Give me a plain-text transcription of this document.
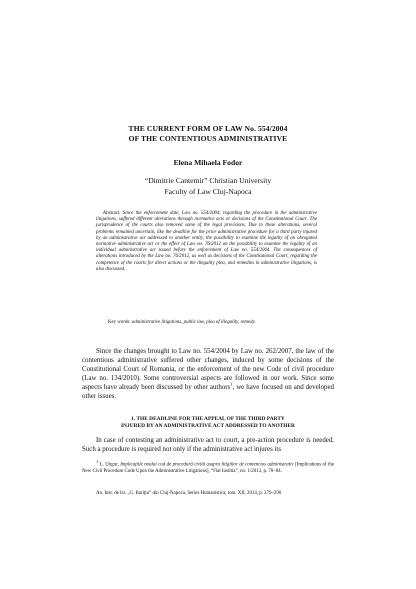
THE CURRENT FORM OF LAW No. 554/2004
OF THE CONTENTIOUS ADMINISTRATIVE
Elena Mihaela Fodor
“Dimitrie Cantemir” Christian University
Faculty of Law Cluj-Napoca
Abstract. Since the enforcement date, Law no. 554/2004, regarding the procedure in the administrative litigations, suffered different alterations through normative acts or decisions of the Constitutional Court. The jurisprudence of the courts also removed some of the legal provisions. Due to these alterations, several problems remained uncertain, like the deadline for the prior administrative procedure for a third party injured by an administrative act addressed to another entity, the possibility to examine the legality of an abrogated normative administrative act or the effect of Law no. 76/2012 on the possibility to examine the legality of an individual administrative act issued before the enforcement of Law no. 554/2004. The consequences of alterations introduced by the Law no. 76/2012, as well as decisions of the Constitutional Court, regarding the competence of the courts for direct actions or the illegality plea, and remedies in administrative litigations, is also discussed.
Key words: administrative litigations, public law, plea of illegality, remedy.
Since the changes brought to Law no. 554/2004 by Law no. 262/2007, the law of the contentious administrative suffered other changes, induced by some decisions of the Constitutional Court of Romania, or the enforcement of the new Code of civil procedure (Law no. 134/2010). Some controversial aspects are followed in our work. Since some aspects have already been discussed by other authors$^1$, we have focused on and developed other issues.
1. THE DEADLINE FOR THE APPEAL OF THE THIRD PARTY
INJURED BY AN ADMINISTRATIVE ACT ADDRESSED TO ANOTHER
In case of contesting an administrative act to court, a pre-action procedure is needed. Such a procedure is required not only if the administrative act injures its
$^1$ L. Ungur, Implicaţiile noului cod de procedură civilă asupra litigiilor de contencios administrativ [Implications of the New Civil Procedure Code Upon the Administrative Litigations], “Fiat Iustitia”, no. 1/2013, p. 70–84.
An. Inst. de Ist. „G. Bariţiu” din Cluj-Napoca, Series Humanistica, tom. XII, 2014, p. 279–290
